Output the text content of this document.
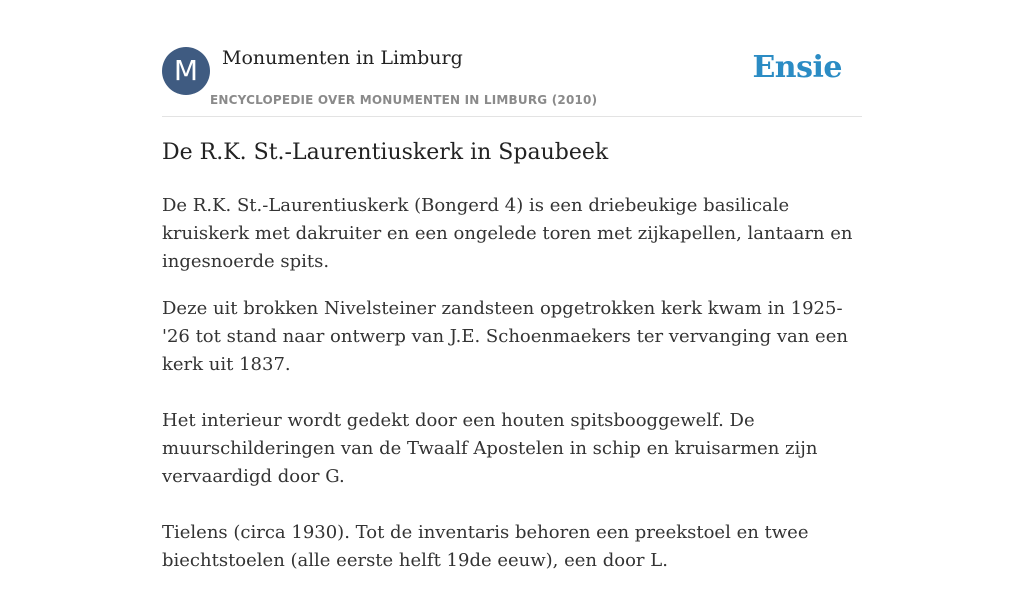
M	Monumenten in Limburg
ENCYCLOPEDIE OVER MONUMENTEN IN LIMBURG (2010)
Ensie
De R.K. St.-Laurentiuskerk in Spaubeek

De R.K. St.-Laurentiuskerk (Bongerd 4) is een driebeukige basilicale kruiskerk met dakruiter en een ongelede toren met zijkapellen, lantaarn en ingesnoerde spits.

Deze uit brokken Nivelsteiner zandsteen opgetrokken kerk kwam in 1925-'26 tot stand naar ontwerp van J.E. Schoenmaekers ter vervanging van een kerk uit 1837.

Het interieur wordt gedekt door een houten spitsbooggewelf. De muurschilderingen van de Twaalf Apostelen in schip en kruisarmen zijn vervaardigd door G.

Tielens (circa 1930). Tot de inventaris behoren een preekstoel en twee biechtstoelen (alle eerste helft 19de eeuw), een door L.
